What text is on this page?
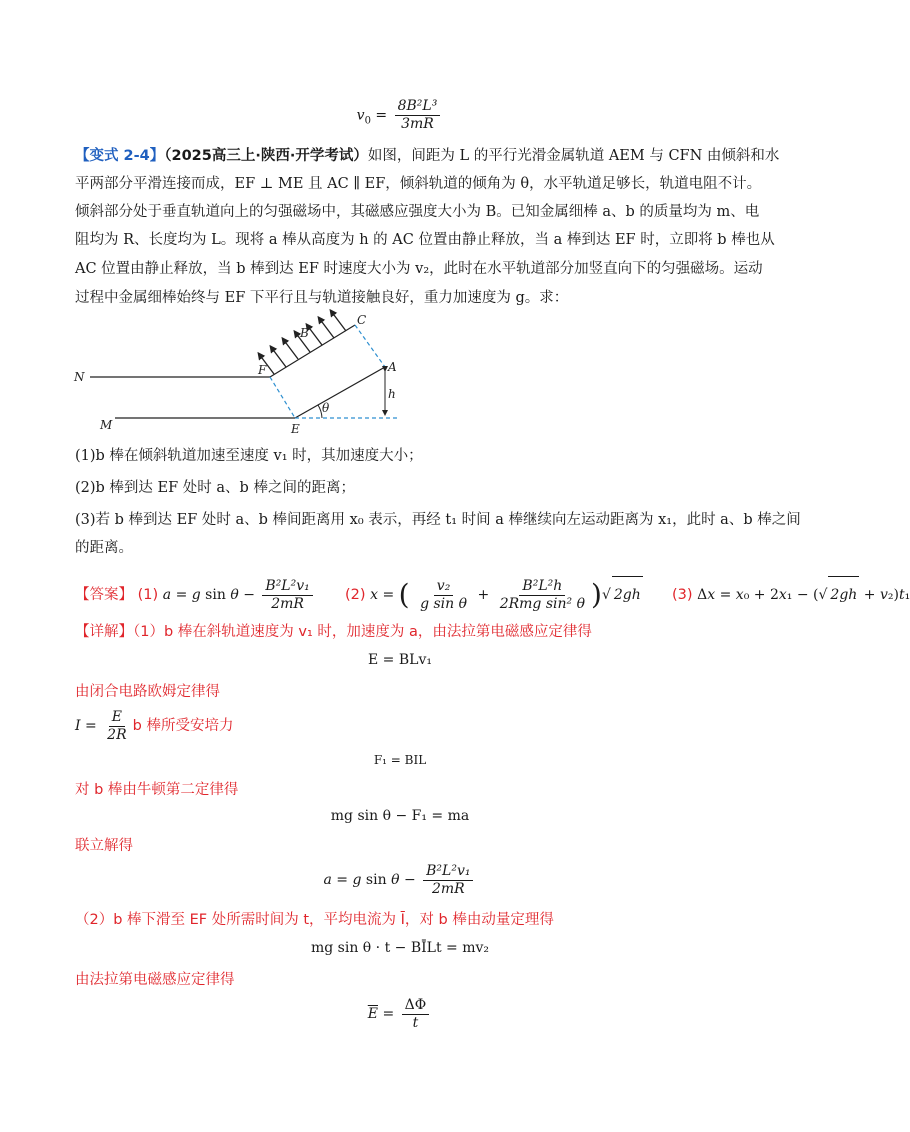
$v_0 = \frac{\text{8B²L³}}{3mR}$
【变式 2-4】（2025高三上·陕西·开学考试）如图，间距为 L 的平行光滑金属轨道 AEM 与 CFN 由倾斜和水
平两部分平滑连接而成，EF ⊥ ME 且 AC ∥ EF，倾斜轨道的倾角为 θ，水平轨道足够长，轨道电阻不计。
倾斜部分处于垂直轨道向上的匀强磁场中，其磁感应强度大小为 B。已知金属细棒 a、b 的质量均为 m、电
阻均为 R、长度均为 L。现将 a 棒从高度为 h 的 AC 位置由静止释放，当 a 棒到达 EF 时，立即将 b 棒也从
AC 位置由静止释放，当 b 棒到达 EF 时速度大小为 v₂，此时在水平轨道部分加竖直向下的匀强磁场。运动
过程中金属细棒始终与 EF 下平行且与轨道接触良好，重力加速度为 g。求：
N
M
F
E
A
B
C
h
θ
(1)b 棒在倾斜轨道加速至速度 v₁ 时，其加速度大小；
(2)b 棒到达 EF 处时 a、b 棒之间的距离；
(3)若 b 棒到达 EF 处时 a、b 棒间距离用 x₀ 表示，再经 t₁ 时间 a 棒继续向左运动距离为 x₁，此时 a、b 棒之间
的距离。
【答案】 (1) a = g $\sin \theta - \frac{\text{B²L²v₁}}{2mR} (2) x$ = ( $\frac{\text{v₂}}{\text{g sin θ}} + \frac{\text{B²L²h}}{\text{2Rmg sin² θ}}$ )√ 2gh (3) Δx = x₀ + 2x₁ − (√ 2gh + v₂)t₁
【详解】（1）b 棒在斜轨道速度为 v₁ 时，加速度为 a，由法拉第电磁感应定律得
E = BLv₁
由闭合电路欧姆定律得
$I = \frac{E}{2R}$ b 棒所受安培力
F₁ = BIL
对 b 棒由牛顿第二定律得
mg sin θ − F₁ = ma
联立解得
a = g $\sin \theta - \frac{\text{B²L²v₁}}{2mR}$
（2）b 棒下滑至 EF 处所需时间为 t，平均电流为 Ī，对 b 棒由动量定理得
mg sin θ · t − BĪLt = mv₂
由法拉第电磁感应定律得
$\overline{E} = \frac{\Delta\Phi}{t}$
